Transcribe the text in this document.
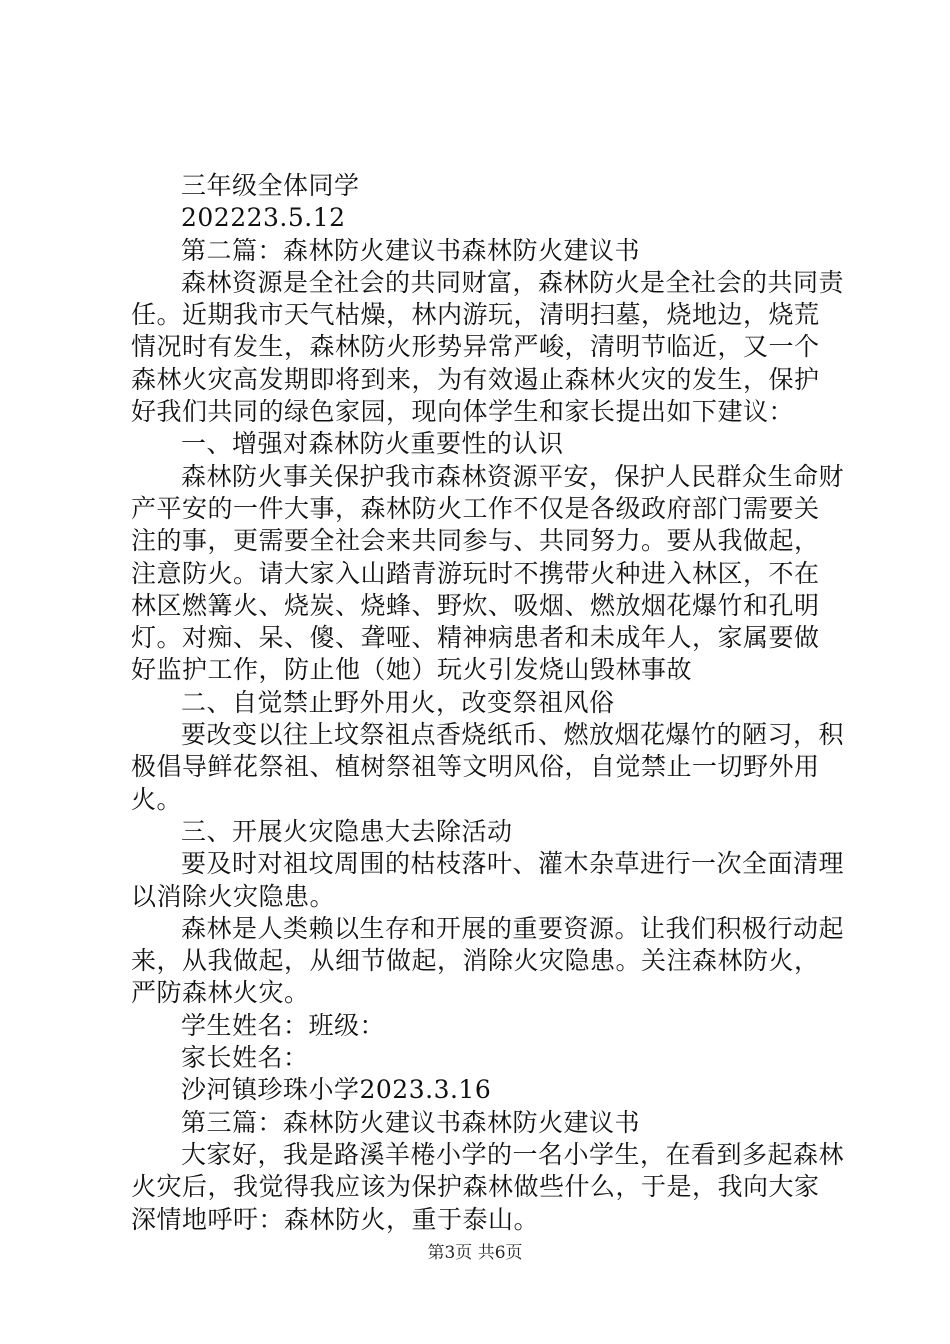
三年级全体同学
202223.5.12
第二篇：森林防火建议书森林防火建议书
森林资源是全社会的共同财富，森林防火是全社会的共同责
任。近期我市天气枯燥，林内游玩，清明扫墓，烧地边，烧荒
情况时有发生，森林防火形势异常严峻，清明节临近，又一个
森林火灾高发期即将到来，为有效遏止森林火灾的发生，保护
好我们共同的绿色家园，现向体学生和家长提出如下建议：
一、增强对森林防火重要性的认识
森林防火事关保护我市森林资源平安，保护人民群众生命财
产平安的一件大事，森林防火工作不仅是各级政府部门需要关
注的事，更需要全社会来共同参与、共同努力。要从我做起，
注意防火。请大家入山踏青游玩时不携带火种进入林区，不在
林区燃篝火、烧炭、烧蜂、野炊、吸烟、燃放烟花爆竹和孔明
灯。对痴、呆、傻、聋哑、精神病患者和未成年人，家属要做
好监护工作，防止他（她）玩火引发烧山毁林事故
二、自觉禁止野外用火，改变祭祖风俗
要改变以往上坟祭祖点香烧纸币、燃放烟花爆竹的陋习，积
极倡导鲜花祭祖、植树祭祖等文明风俗，自觉禁止一切野外用
火。
三、开展火灾隐患大去除活动
要及时对祖坟周围的枯枝落叶、灌木杂草进行一次全面清理
以消除火灾隐患。
森林是人类赖以生存和开展的重要资源。让我们积极行动起
来，从我做起，从细节做起，消除火灾隐患。关注森林防火，
严防森林火灾。
学生姓名：班级：
家长姓名：
沙河镇珍珠小学2023.3.16
第三篇：森林防火建议书森林防火建议书
大家好，我是路溪羊棬小学的一名小学生，在看到多起森林
火灾后，我觉得我应该为保护森林做些什么，于是，我向大家
深情地呼吁：森林防火，重于泰山。
第3页 共6页
